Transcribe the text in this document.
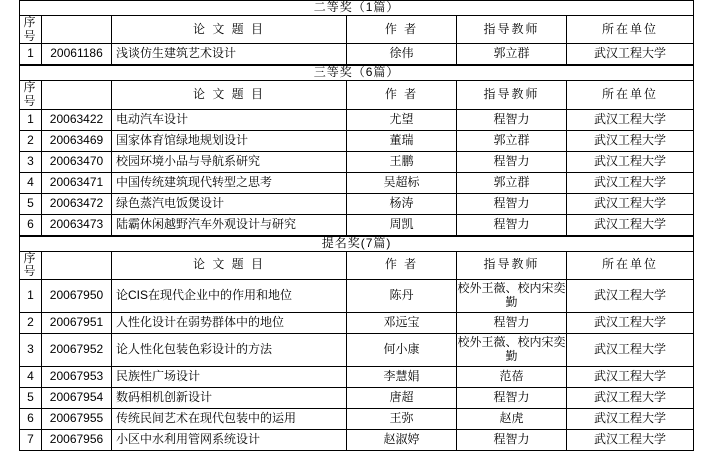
二等奖（1篇）					
序号		论 文 题 目	作 者	指导教师	所在单位
1	20061186	浅谈仿生建筑艺术设计	徐伟	郭立群	武汉工程大学
三等奖（6篇）					
序号		论 文 题 目	作 者	指导教师	所在单位
1	20063422	电动汽车设计	尤望	程智力	武汉工程大学
2	20063469	国家体育馆绿地规划设计	董瑞	郭立群	武汉工程大学
3	20063470	校园环境小品与导航系研究	王鹏	程智力	武汉工程大学
4	20063471	中国传统建筑现代转型之思考	吴超标	郭立群	武汉工程大学
5	20063472	绿色蒸汽电饭煲设计	杨涛	程智力	武汉工程大学
6	20063473	陆霸休闲越野汽车外观设计与研究	周凯	程智力	武汉工程大学
提名奖(7篇)					
序号		论 文 题 目	作 者	指导教师	所在单位
1	20067950	论CIS在现代企业中的作用和地位	陈丹	校外王薇、校内宋奕勤	武汉工程大学
2	20067951	人性化设计在弱势群体中的地位	邓远宝	程智力	武汉工程大学
3	20067952	论人性化包装色彩设计的方法	何小康	校外王薇、校内宋奕勤	武汉工程大学
4	20067953	民族性广场设计	李慧娟	范蓓	武汉工程大学
5	20067954	数码相机创新设计	唐超	程智力	武汉工程大学
6	20067955	传统民间艺术在现代包装中的运用	王弥	赵虎	武汉工程大学
7	20067956	小区中水利用管网系统设计	赵淑婷	程智力	武汉工程大学
